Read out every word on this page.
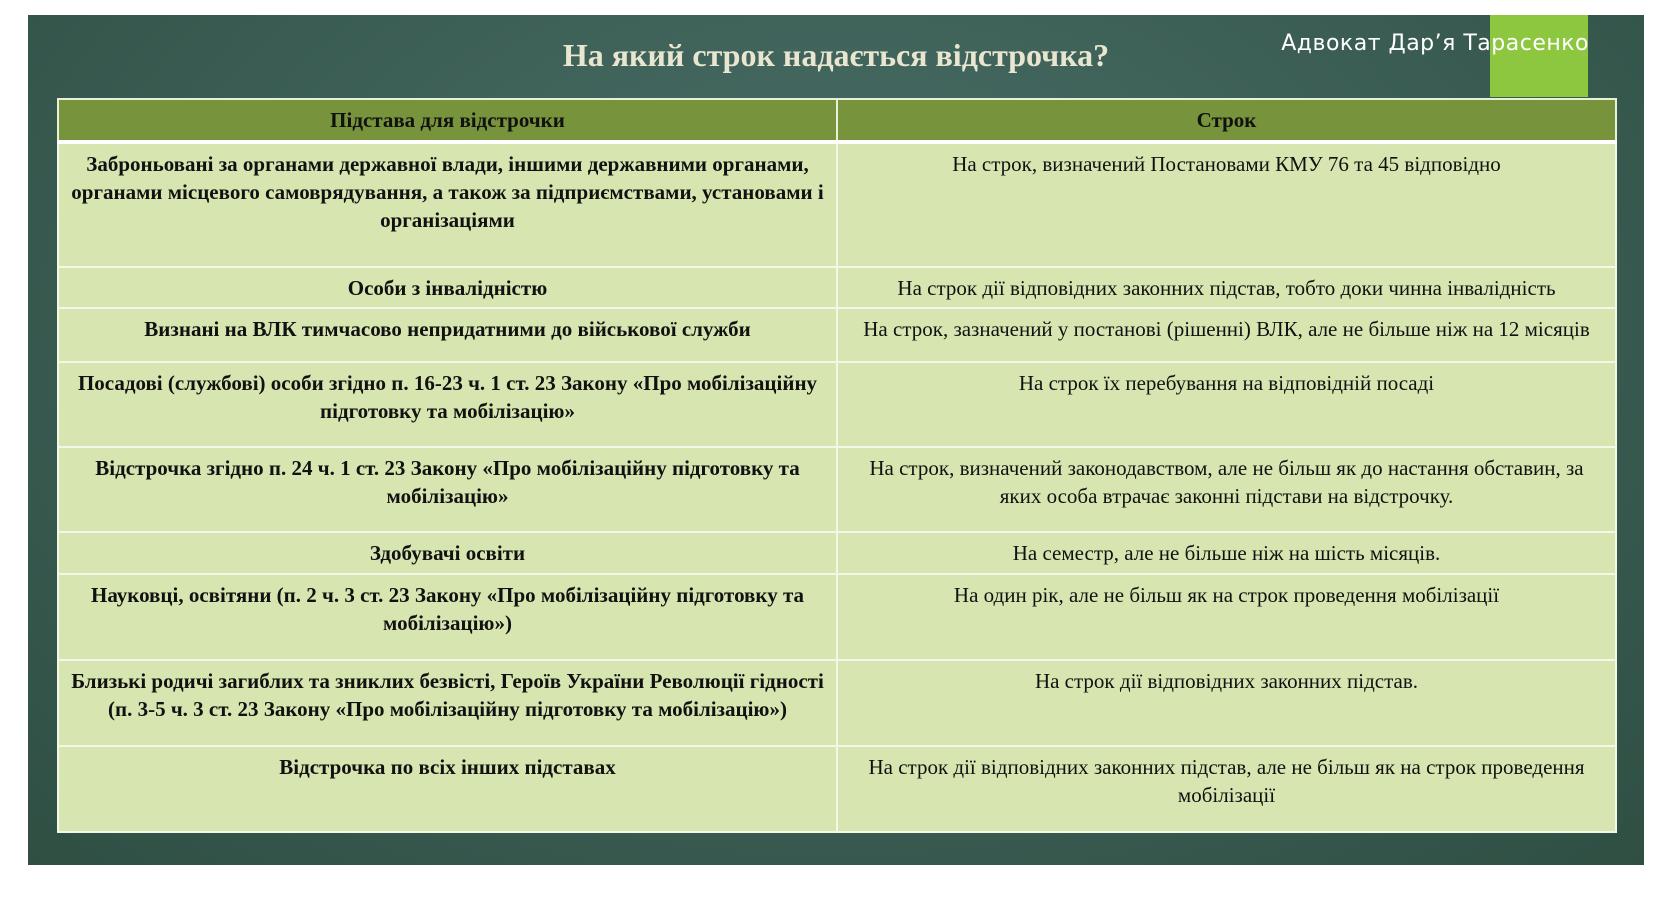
Адвокат Дар’я Тарасенко
На який строк надається відстрочка?
Підстава для відстрочки	Строк
Заброньовані за органами державної влади, іншими державними органами, органами місцевого самоврядування, а також за підприємствами, установами і організаціями	На строк, визначений Постановами КМУ 76 та 45 відповідно
Особи з інвалідністю	На строк дії відповідних законних підстав, тобто доки чинна інвалідність
Визнані на ВЛК тимчасово непридатними до військової служби	На строк, зазначений у постанові (рішенні) ВЛК, але не більше ніж на 12 місяців
Посадові (службові) особи згідно п. 16-23 ч. 1 ст. 23 Закону «Про мобілізаційну підготовку та мобілізацію»	На строк їх перебування на відповідній посаді
Відстрочка згідно п. 24 ч. 1 ст. 23 Закону «Про мобілізаційну підготовку та мобілізацію»	На строк, визначений законодавством, але не більш як до настання обставин, за яких особа втрачає законні підстави на відстрочку.
Здобувачі освіти	На семестр, але не більше ніж на шість місяців.
Науковці, освітяни (п. 2 ч. 3 ст. 23 Закону «Про мобілізаційну підготовку та мобілізацію»)	На один рік, але не більш як на строк проведення мобілізації
Близькі родичі загиблих та зниклих безвісті, Героїв України Революції гідності (п. 3-5 ч. 3 ст. 23 Закону «Про мобілізаційну підготовку та мобілізацію»)	На строк дії відповідних законних підстав.
Відстрочка по всіх інших підставах	На строк дії відповідних законних підстав, але не більш як на строк проведення мобілізації
